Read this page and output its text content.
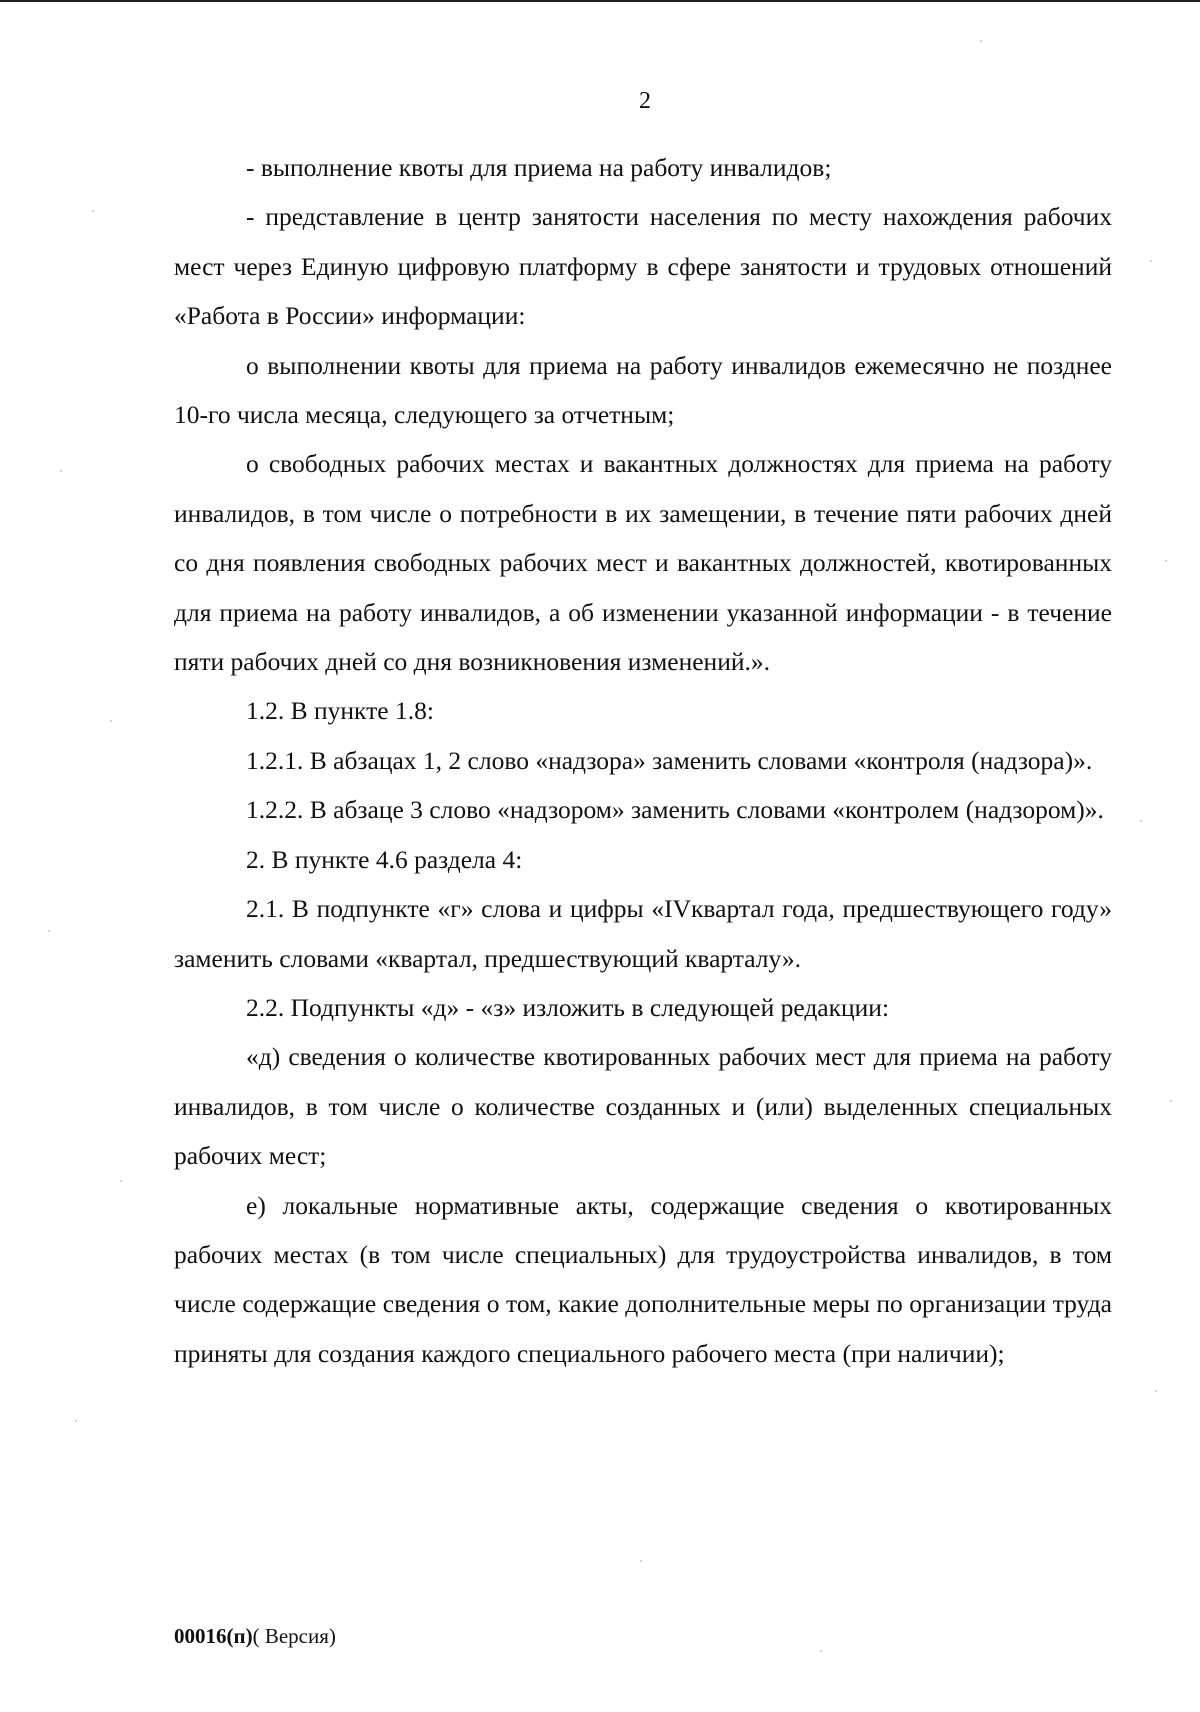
2

- выполнение квоты для приема на работу инвалидов;

- представление в центр занятости населения по месту нахождения рабочих мест через Единую цифровую платформу в сфере занятости и трудовых отношений «Работа в России» информации:

о выполнении квоты для приема на работу инвалидов ежемесячно не позднее 10-го числа месяца, следующего за отчетным;

о свободных рабочих местах и вакантных должностях для приема на работу инвалидов, в том числе о потребности в их замещении, в течение пяти рабочих дней со дня появления свободных рабочих мест и вакантных должностей, квотированных для приема на работу инвалидов, а об изменении указанной информации - в течение пяти рабочих дней со дня возникновения изменений.».

1.2. В пункте 1.8:

1.2.1. В абзацах 1, 2 слово «надзора» заменить словами «контроля (надзора)».

1.2.2. В абзаце 3 слово «надзором» заменить словами «контролем (надзором)».

2. В пункте 4.6 раздела 4:

2.1. В подпункте «г» слова и цифры «IVквартал года, предшествующего году» заменить словами «квартал, предшествующий кварталу».

2.2. Подпункты «д» - «з» изложить в следующей редакции:

«д) сведения о количестве квотированных рабочих мест для приема на работу инвалидов, в том числе о количестве созданных и (или) выделенных специальных рабочих мест;

е) локальные нормативные акты, содержащие сведения о квотированных рабочих местах (в том числе специальных) для трудоустройства инвалидов, в том числе содержащие сведения о том, какие дополнительные меры по организации труда приняты для создания каждого специального рабочего места (при наличии);

00016(п)( Версия)
